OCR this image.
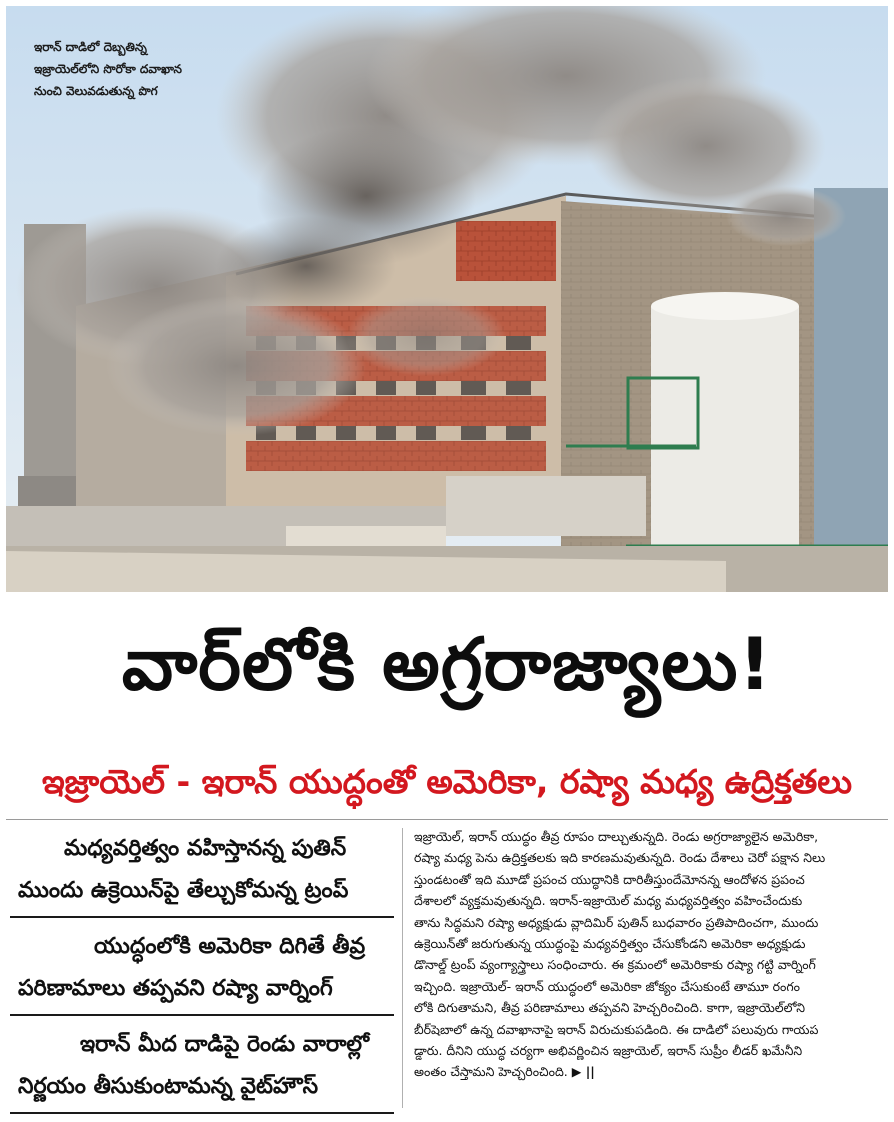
ఇరాన్ దాడిలో దెబ్బతిన్న
ఇజ్రాయెల్‌లోని సొరోకా దవాఖాన
నుంచి వెలువడుతున్న పొగ
వార్‌లోకి అగ్రరాజ్యాలు!
ఇజ్రాయెల్ - ఇరాన్ యుద్ధంతో అమెరికా, రష్యా మధ్య ఉద్రిక్తతలు
మధ్యవర్తిత్వం వహిస్తానన్న పుతిన్
ముందు ఉక్రెయిన్‌పై తేల్చుకోమన్న ట్రంప్
యుద్ధంలోకి అమెరికా దిగితే తీవ్ర
పరిణామాలు తప్పవని రష్యా వార్నింగ్
ఇరాన్ మీద దాడిపై రెండు వారాల్లో
నిర్ణయం తీసుకుంటామన్న వైట్‌హౌస్
ఇజ్రాయెల్, ఇరాన్ యుద్ధం తీవ్ర రూపం దాల్చుతున్నది. రెండు అగ్రరాజ్యాలైన అమెరికా,
రష్యా మధ్య పెను ఉద్రిక్తతలకు ఇది కారణమవుతున్నది. రెండు దేశాలు చెరో పక్షాన నిలు
స్తుండటంతో ఇది మూడో ప్రపంచ యుద్ధానికి దారితీస్తుందేమోనన్న ఆందోళన ప్రపంచ
దేశాలలో వ్యక్తమవుతున్నది. ఇరాన్-ఇజ్రాయెల్ మధ్య మధ్యవర్తిత్వం వహించేందుకు
తాను సిద్ధమని రష్యా అధ్యక్షుడు వ్లాదిమిర్ పుతిన్ బుధవారం ప్రతిపాదించగా, ముందు
ఉక్రెయిన్‌తో జరుగుతున్న యుద్ధంపై మధ్యవర్తిత్వం చేసుకోండని అమెరికా అధ్యక్షుడు
డొనాల్డ్ ట్రంప్ వ్యంగ్యాస్త్రాలు సంధించారు. ఈ క్రమంలో అమెరికాకు రష్యా గట్టి వార్నింగ్
ఇచ్చింది. ఇజ్రాయెల్- ఇరాన్ యుద్ధంలో అమెరికా జోక్యం చేసుకుంటే తామూ రంగం
లోకి దిగుతామని, తీవ్ర పరిణామాలు తప్పవని హెచ్చరించింది. కాగా, ఇజ్రాయెల్‌లోని
బీర్‌షెబాలో ఉన్న దవాఖానాపై ఇరాన్ విరుచుకుపడింది. ఈ దాడిలో పలువురు గాయప
డ్డారు. దీనిని యుద్ధ చర్యగా అభివర్ణించిన ఇజ్రాయెల్, ఇరాన్ సుప్రీం లీడర్ ఖమేనీని
అంతం చేస్తామని హెచ్చరించింది. ▶ ||
